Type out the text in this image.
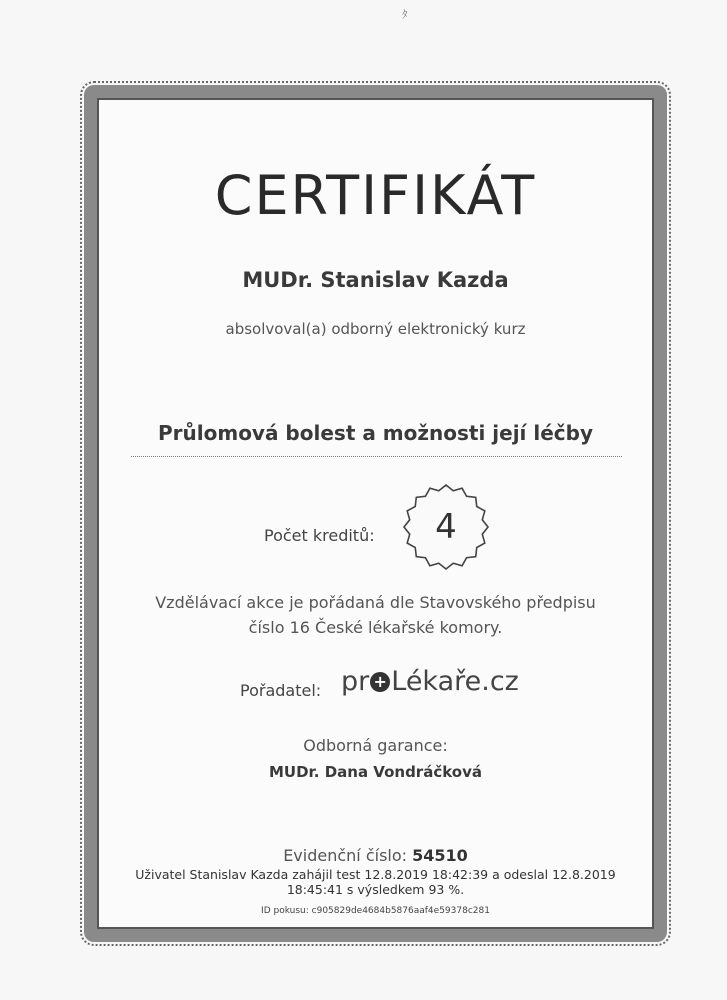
ﾀ
CERTIFIKÁT
MUDr. Stanislav Kazda
absolvoval(a) odborný elektronický kurz
Průlomová bolest a možnosti její léčby
Počet kreditů:	4
Vzdělávací akce je pořádaná dle Stavovského předpisu
číslo 16 České lékařské komory.
Pořadatel: pr + Lékaře.cz
Odborná garance:
MUDr. Dana Vondráčková
Evidenční číslo: 54510
Uživatel Stanislav Kazda zahájil test 12.8.2019 18:42:39 a odeslal 12.8.2019
18:45:41 s výsledkem 93 %.
ID pokusu: c905829de4684b5876aaf4e59378c281
